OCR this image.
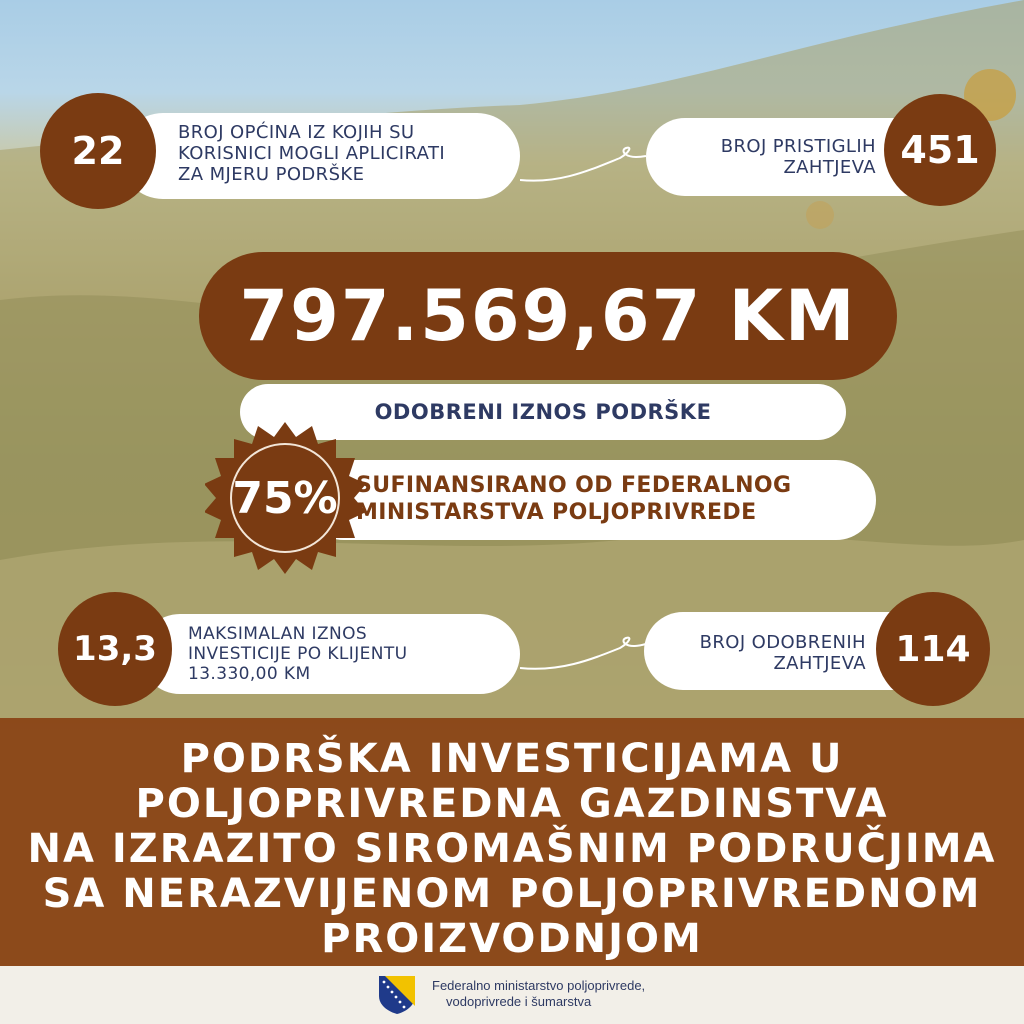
22	BROJ OPĆINA IZ KOJIH SU
KORISNICI MOGLI APLICIRATI
ZA MJERU PODRŠKE
451
BROJ PRISTIGLIH
ZAHTJEVA
ODOBRENI IZNOS PODRŠKE
797.569,67 KM
75% SUFINANSIRANO OD FEDERALNOG
MINISTARSTVA POLJOPRIVREDE
13,3	MAKSIMALAN IZNOS
INVESTICIJE PO KLIJENTU
13.330,00 KM
114
BROJ ODOBRENIH
ZAHTJEVA
PODRŠKA INVESTICIJAMA U
POLJOPRIVREDNA GAZDINSTVA
NA IZRAZITO SIROMAŠNIM PODRUČJIMA
SA NERAZVIJENOM POLJOPRIVREDNOM
PROIZVODNJOM
Federalno ministarstvo poljoprivrede,
vodoprivrede i šumarstva
